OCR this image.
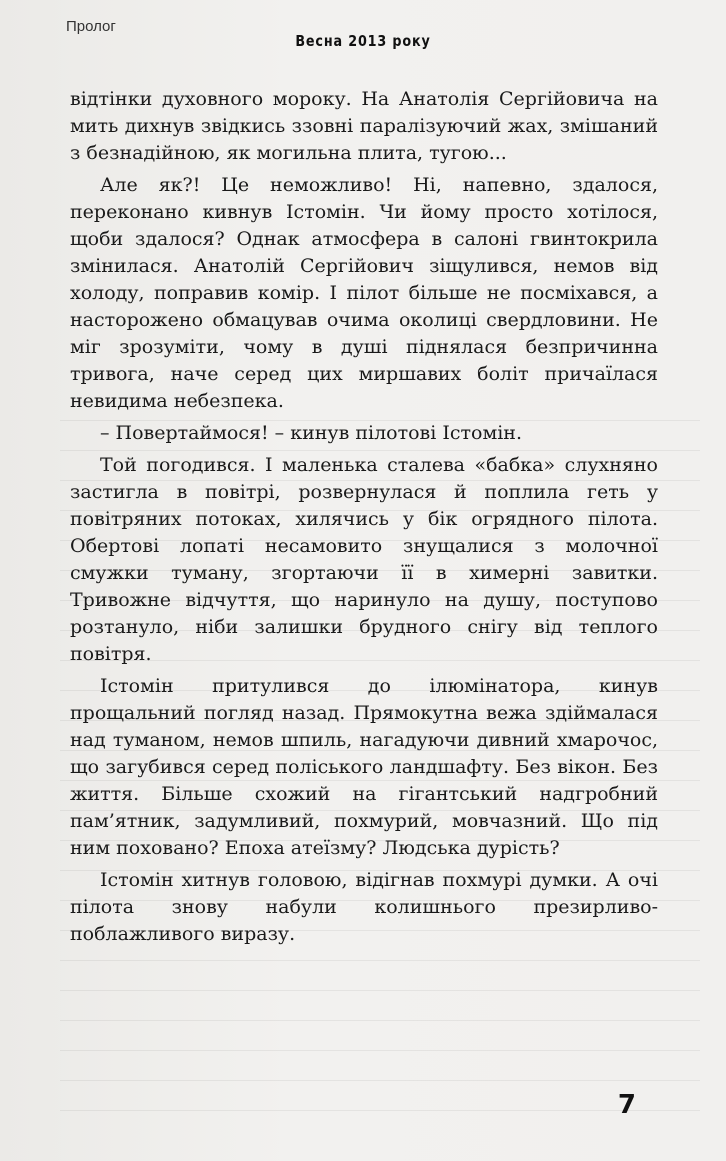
Пролог
Весна 2013 року

відтінки духовного мороку. На Анатолія Сергійовича на мить дихнув звідкись ззовні паралізуючий жах, змішаний з безнадійною, як могильна плита, тугою...

Але як?! Це неможливо! Ні, напевно, здалося, переконано кивнув Істомін. Чи йому просто хотілося, щоби здалося? Однак атмосфера в салоні гвинтокрила змінилася. Анатолій Сергійович зіщулився, немов від холоду, поправив комір. І пілот більше не посміхався, а насторожено обмацував очима околиці свердловини. Не міг зрозуміти, чому в душі піднялася безпричинна тривога, наче серед цих миршавих боліт причаїлася невидима небезпека.

– Повертаймося! – кинув пілотові Істомін.

Той погодився. І маленька сталева «бабка» слухняно застигла в повітрі, розвернулася й поплила геть у повітряних потоках, хилячись у бік огрядного пілота. Обертові лопаті несамовито знущалися з молочної смужки туману, згортаючи її в химерні завитки. Тривожне відчуття, що наринуло на душу, поступово розтануло, ніби залишки брудного снігу від теплого повітря.

Істомін притулився до ілюмінатора, кинув прощальний погляд назад. Прямокутна вежа здіймалася над туманом, немов шпиль, нагадуючи дивний хмарочос, що загубився серед поліського ландшафту. Без вікон. Без життя. Більше схожий на гігантський надгробний пам’ятник, задумливий, похмурий, мовчазний. Що під ним поховано? Епоха атеїзму? Людська дурість?

Істомін хитнув головою, відігнав похмурі думки. А очі пілота знову набули колишнього презирливо-поблажливого виразу.

7
